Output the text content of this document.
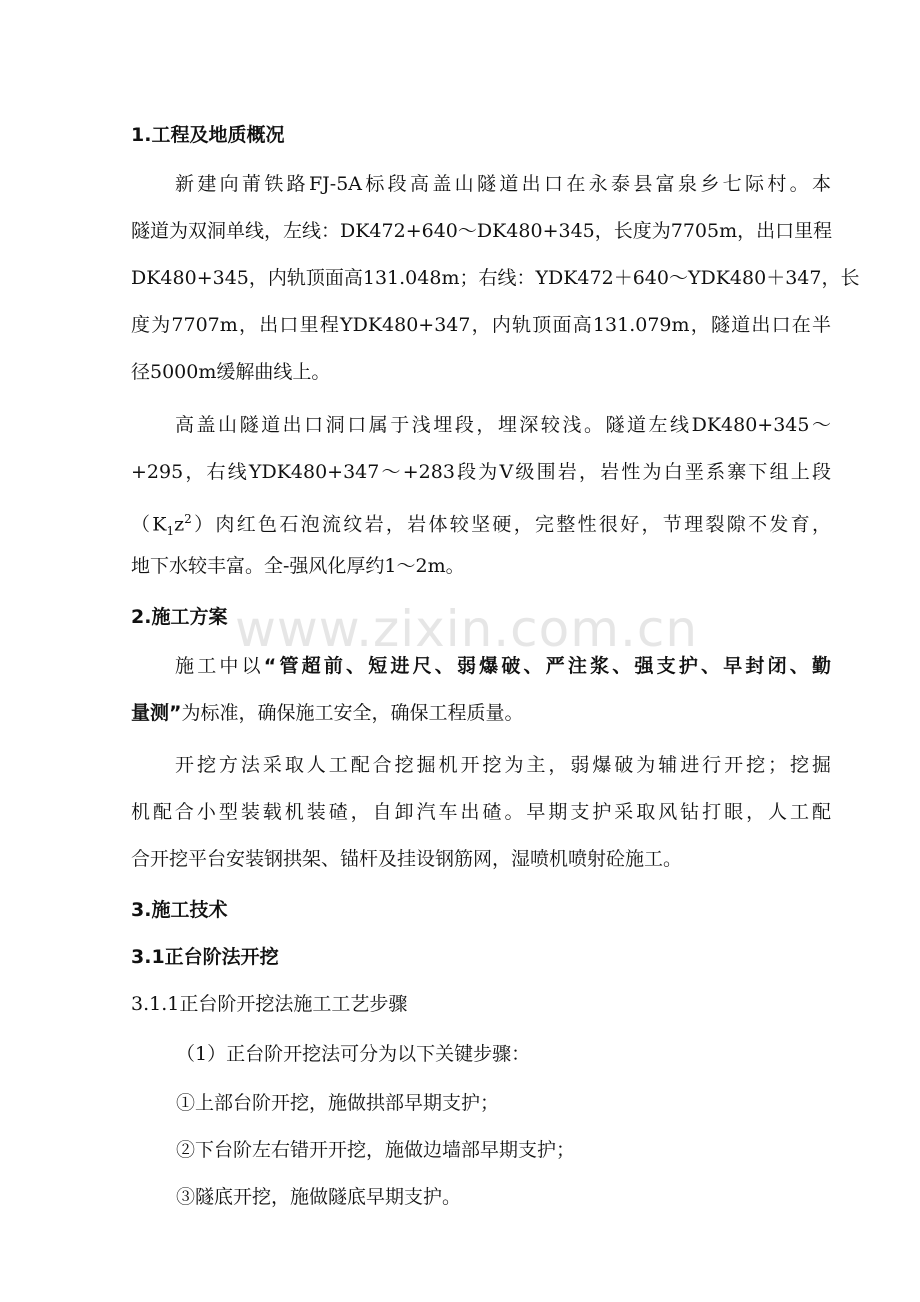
www.zixin.com.cn
1.工程及地质概况
新建向莆铁路FJ-5A标段高盖山隧道出口在永泰县富泉乡七际村。本
隧道为双洞单线，左线：DK472+640～DK480+345，长度为7705m，出口里程
DK480+345，内轨顶面高131.048m；右线：YDK472＋640～YDK480＋347，长
度为7707m，出口里程YDK480+347，内轨顶面高131.079m，隧道出口在半
径5000m缓解曲线上。
高盖山隧道出口洞口属于浅埋段，埋深较浅。隧道左线DK480+345～
+295，右线YDK480+347～+283段为Ⅴ级围岩，岩性为白垩系寨下组上段
$(K_1z^2)$肉红色石泡流纹岩，岩体较坚硬，完整性很好，节理裂隙不发育，
地下水较丰富。全-强风化厚约1～2m。
2.施工方案
施工中以“管超前、短进尺、弱爆破、严注浆、强支护、早封闭、勤
量测”为标准，确保施工安全，确保工程质量。
开挖方法采取人工配合挖掘机开挖为主，弱爆破为辅进行开挖；挖掘
机配合小型装载机装碴，自卸汽车出碴。早期支护采取风钻打眼，人工配
合开挖平台安装钢拱架、锚杆及挂设钢筋网，湿喷机喷射砼施工。
3.施工技术
3.1正台阶法开挖
3.1.1正台阶开挖法施工工艺步骤
（1）正台阶开挖法可分为以下关键步骤：
①上部台阶开挖，施做拱部早期支护；
②下台阶左右错开开挖，施做边墙部早期支护；
③隧底开挖，施做隧底早期支护。
